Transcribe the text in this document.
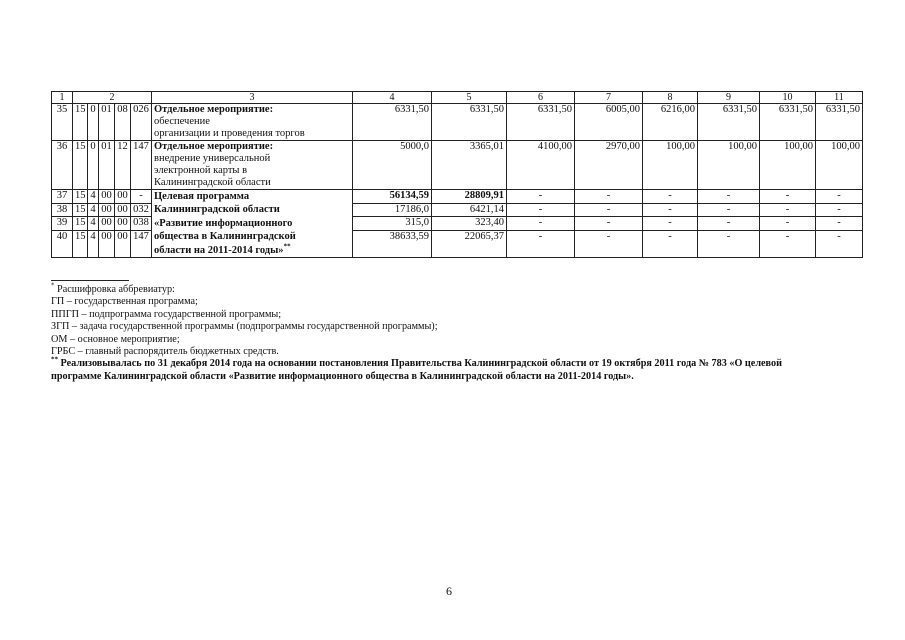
1	2					3	4	5	6	7	8	9	10	11
35	15	0	01	08	026	Отдельное мероприятие:
обеспечение
организации и проведения торгов	6331,50	6331,50	6331,50	6005,00	6216,00	6331,50	6331,50	6331,50
36	15	0	01	12	147	Отдельное мероприятие:
внедрение универсальной
электронной карты в
Калининградской области	5000,0	3365,01	4100,00	2970,00	100,00	100,00	100,00	100,00
37	15	4	00	00	-	Целевая программа
Калининградской области
«Развитие информационного
общества в Калининградской
области на 2011-2014 годы»**	56134,59	28809,91	-	-	-	-	-	-
38	15	4	00	00	032		17186,0	6421,14	-	-	-	-	-	-
39	15	4	00	00	038		315,0	323,40	-	-	-	-	-	-
40	15	4	00	00	147		38633,59	22065,37	-	-	-	-	-	-

* Расшифровка аббревиатур:

ГП – государственная программа;

ППГП – подпрограмма государственной программы;

ЗГП – задача государственной программы (подпрограммы государственной программы);

ОМ – основное мероприятие;

ГРБС – главный распорядитель бюджетных средств.

** Реализовывалась по 31 декабря 2014 года на основании постановления Правительства Калининградской области от 19 октября 2011 года № 783 «О целевой

программе Калининградской области «Развитие информационного общества в Калининградской области на 2011-2014 годы».

6
